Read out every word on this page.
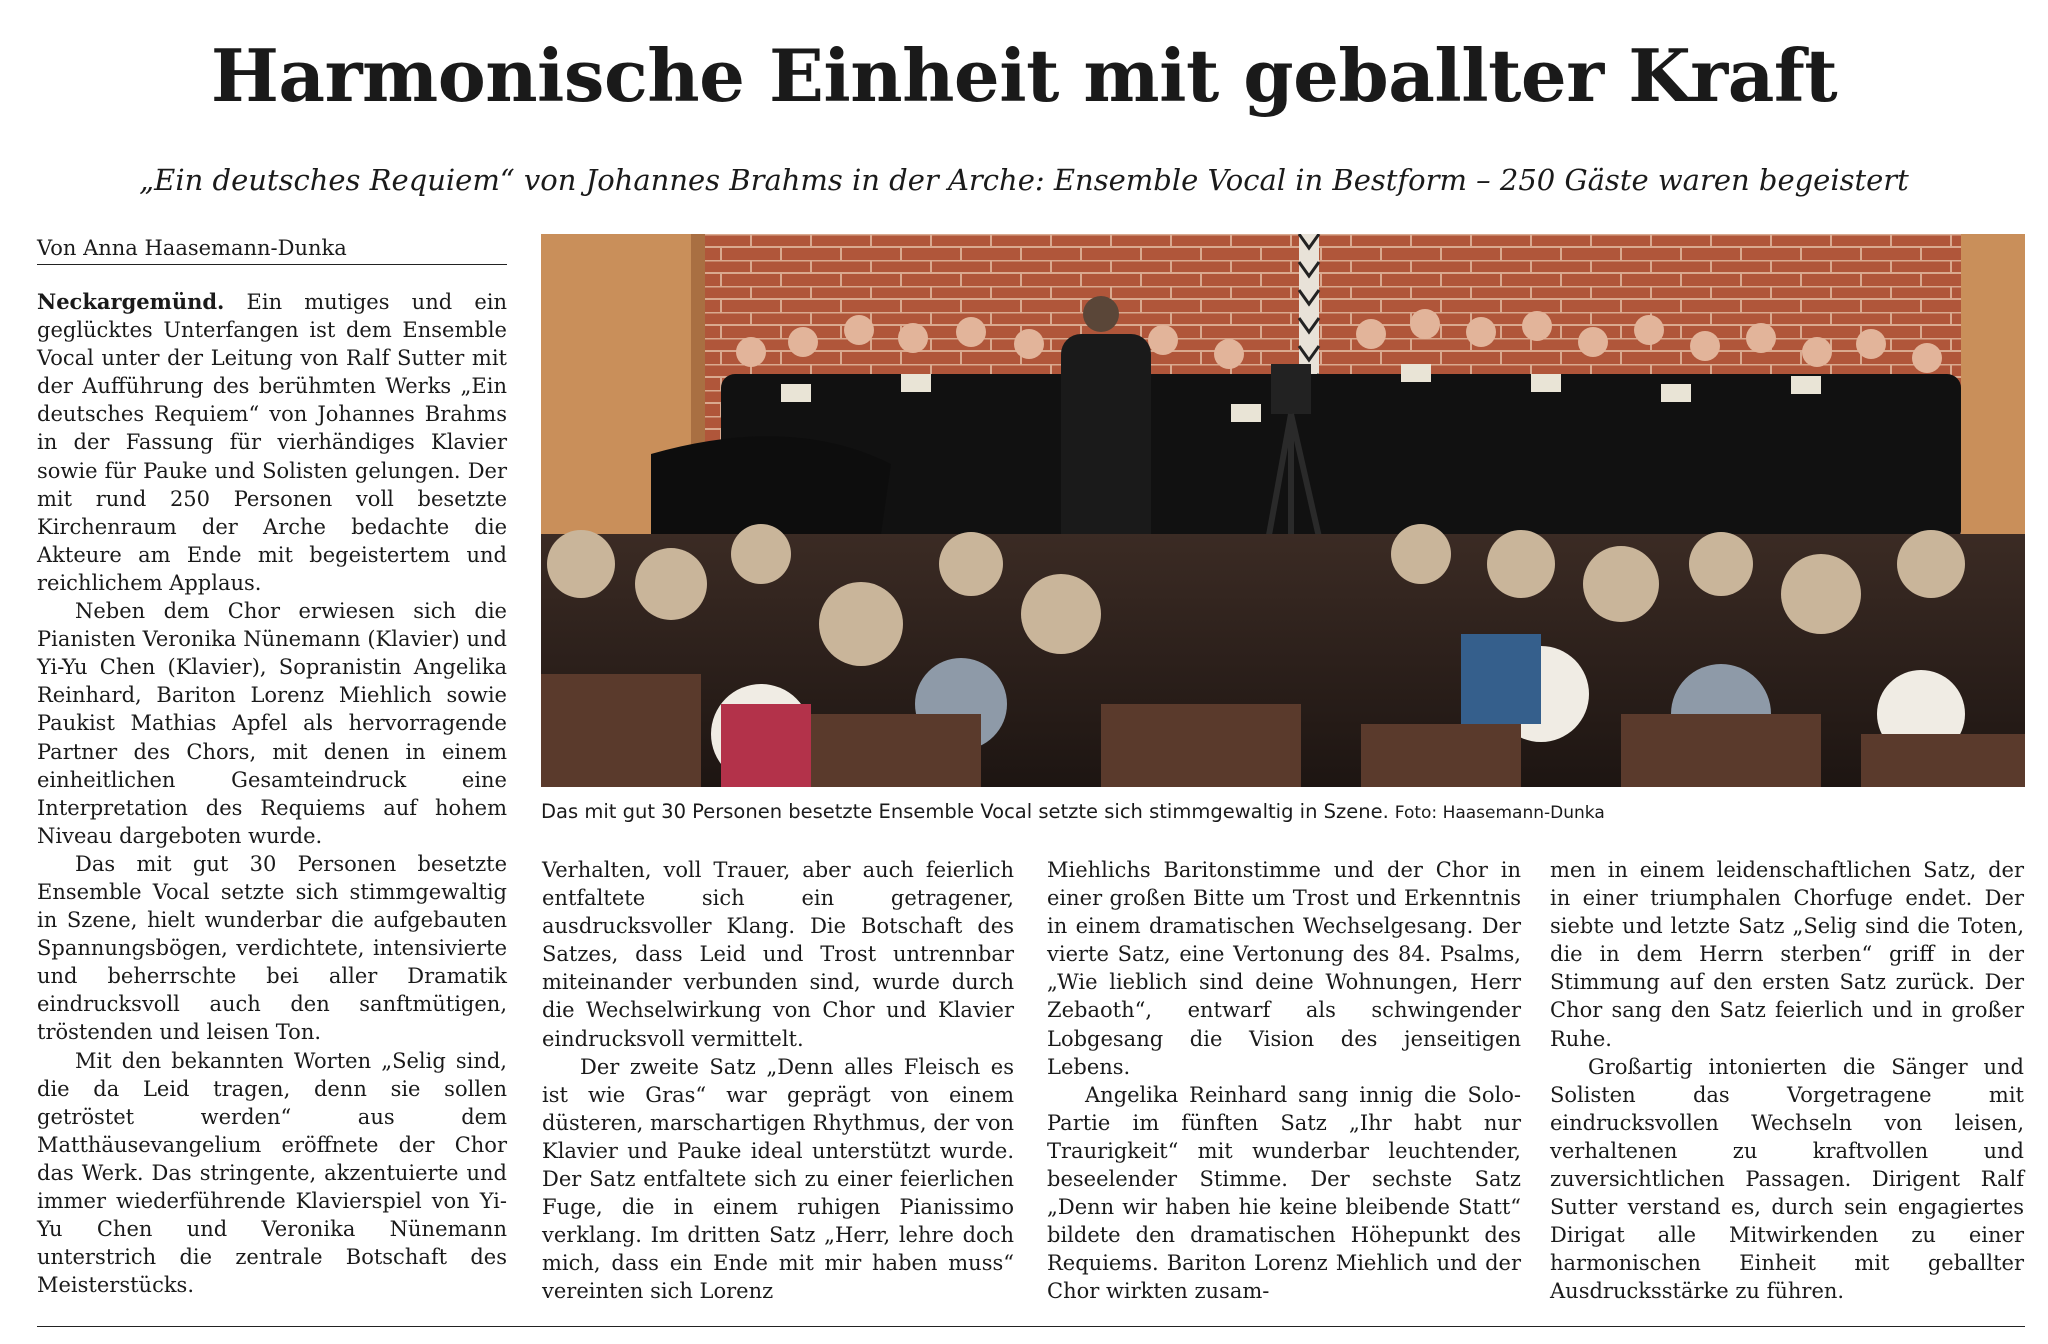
Harmonische Einheit mit geballter Kraft
„Ein deutsches Requiem“ von Johannes Brahms in der Arche: Ensemble Vocal in Bestform – 250 Gäste waren begeistert
Von Anna Haasemann-Dunka

Neckargemünd. Ein mutiges und ein geglücktes Unterfangen ist dem Ensemble Vocal unter der Leitung von Ralf Sutter mit der Aufführung des berühmten Werks „Ein deutsches Requiem“ von Johannes Brahms in der Fassung für vierhändiges Klavier sowie für Pauke und Solisten gelungen. Der mit rund 250 Personen voll besetzte Kirchenraum der Arche bedachte die Akteure am Ende mit begeistertem und reichlichem Applaus.

Neben dem Chor erwiesen sich die Pianisten Veronika Nünemann (Klavier) und Yi-Yu Chen (Klavier), Sopranistin Angelika Reinhard, Bariton Lorenz Miehlich sowie Paukist Mathias Apfel als hervorragende Partner des Chors, mit denen in einem einheitlichen Gesamteindruck eine Interpretation des Requiems auf hohem Niveau dargeboten wurde.

Das mit gut 30 Personen besetzte Ensemble Vocal setzte sich stimmgewaltig in Szene, hielt wunderbar die aufgebauten Spannungsbögen, verdichtete, intensivierte und beherrschte bei aller Dramatik eindrucksvoll auch den sanftmütigen, tröstenden und leisen Ton.

Mit den bekannten Worten „Selig sind, die da Leid tragen, denn sie sollen getröstet werden“ aus dem Matthäusevangelium eröffnete der Chor das Werk. Das stringente, akzentuierte und immer wiederführende Klavierspiel von Yi-Yu Chen und Veronika Nünemann unterstrich die zentrale Botschaft des Meisterstücks.

Das mit gut 30 Personen besetzte Ensemble Vocal setzte sich stimmgewaltig in Szene. Foto: Haasemann-Dunka

Verhalten, voll Trauer, aber auch feierlich entfaltete sich ein getragener, ausdrucksvoller Klang. Die Botschaft des Satzes, dass Leid und Trost untrennbar miteinander verbunden sind, wurde durch die Wechselwirkung von Chor und Klavier eindrucksvoll vermittelt.

Der zweite Satz „Denn alles Fleisch es ist wie Gras“ war geprägt von einem düsteren, marschartigen Rhythmus, der von Klavier und Pauke ideal unterstützt wurde. Der Satz entfaltete sich zu einer feierlichen Fuge, die in einem ruhigen Pianissimo verklang. Im dritten Satz „Herr, lehre doch mich, dass ein Ende mit mir haben muss“ vereinten sich Lorenz

Miehlichs Baritonstimme und der Chor in einer großen Bitte um Trost und Erkenntnis in einem dramatischen Wechselgesang. Der vierte Satz, eine Vertonung des 84. Psalms, „Wie lieblich sind deine Wohnungen, Herr Zebaoth“, entwarf als schwingender Lobgesang die Vision des jenseitigen Lebens.

Angelika Reinhard sang innig die Solo-Partie im fünften Satz „Ihr habt nur Traurigkeit“ mit wunderbar leuchtender, beseelender Stimme. Der sechste Satz „Denn wir haben hie keine bleibende Statt“ bildete den dramatischen Höhepunkt des Requiems. Bariton Lorenz Miehlich und der Chor wirkten zusam-

men in einem leidenschaftlichen Satz, der in einer triumphalen Chorfuge endet. Der siebte und letzte Satz „Selig sind die Toten, die in dem Herrn sterben“ griff in der Stimmung auf den ersten Satz zurück. Der Chor sang den Satz feierlich und in großer Ruhe.

Großartig intonierten die Sänger und Solisten das Vorgetragene mit eindrucksvollen Wechseln von leisen, verhaltenen zu kraftvollen und zuversichtlichen Passagen. Dirigent Ralf Sutter verstand es, durch sein engagiertes Dirigat alle Mitwirkenden zu einer harmonischen Einheit mit geballter Ausdrucksstärke zu führen.
